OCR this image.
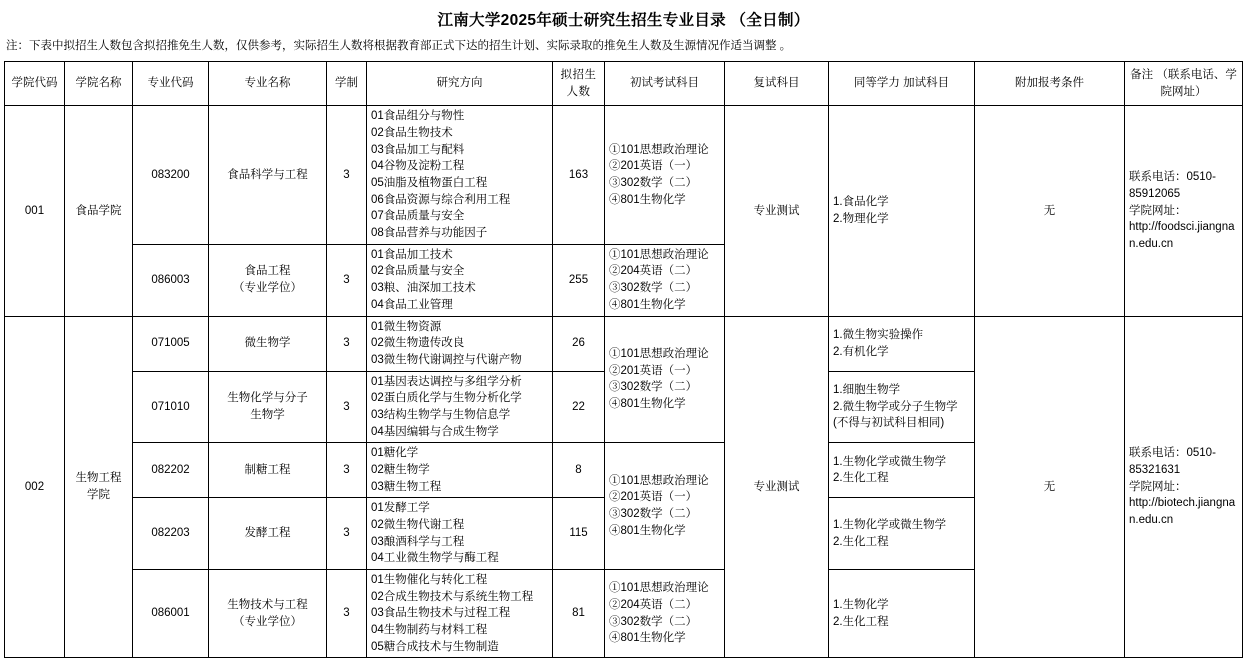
江南大学2025年硕士研究生招生专业目录 （全日制）
注：下表中拟招生人数包含拟招推免生人数，仅供参考，实际招生人数将根据教育部正式下达的招生计划、实际录取的推免生人数及生源情况作适当调整 。
学院代码	学院名称	专业代码	专业名称	学制	研究方向	拟招生 人数	初试考试科目	复试科目	同等学力 加试科目	附加报考条件	备注 （联系电话、学院网址）
001	食品学院	083200	食品科学与工程	3	
01食品组分与物性
02食品生物技术
03食品加工与配料
04谷物及淀粉工程
05油脂及植物蛋白工程
06食品资源与综合利用工程
07食品质量与安全
08食品营养与功能因子
	163	
①101思想政治理论
②201英语（一）
③302数学（二）
④801生物化学
	专业测试	
1.食品化学
2.物理化学
	无	
联系电话：0510-85912065
学院网址：
http://foodsci.jiangnan.edu.cn

		086003	食品工程
（专业学位）	3	01食品加工技术
02食品质量与安全
03粮、油深加工技术
04食品工业管理	255	①101思想政治理论
②204英语（二）
③302数学（二）
④801生物化学				

002	生物工程
学院	071005	微生物学	3	01微生物资源
02微生物遗传改良
03微生物代谢调控与代谢产物	26	①101思想政治理论
②201英语（一）
③302数学（二）
④801生物化学	专业测试	1.微生物实验操作
2.有机化学	无	联系电话：0510-85321631
学院网址：
http://biotech.jiangnan.edu.cn

		071010	生物化学与分子
生物学	3	01基因表达调控与多组学分析
02蛋白质化学与生物分析化学
03结构生物学与生物信息学
04基因编辑与合成生物学	22			1.细胞生物学
2.微生物学或分子生物学(不得与初试科目相同)		

		082202	制糖工程	3	01糖化学
02糖生物学
03糖生物工程	8	①101思想政治理论
②201英语（一）
③302数学（二）
④801生物化学		1.生物化学或微生物学
2.生化工程		

		082203	发酵工程	3	01发酵工学
02微生物代谢工程
03酿酒科学与工程
04工业微生物学与酶工程	115			1.生物化学或微生物学
2.生化工程		

		086001	生物技术与工程
（专业学位）	3	01生物催化与转化工程
02合成生物技术与系统生物工程
03食品生物技术与过程工程
04生物制药与材料工程
05糖合成技术与生物制造	81	①101思想政治理论
②204英语（二）
③302数学（二）
④801生物化学		1.生物化学
2.生化工程		
